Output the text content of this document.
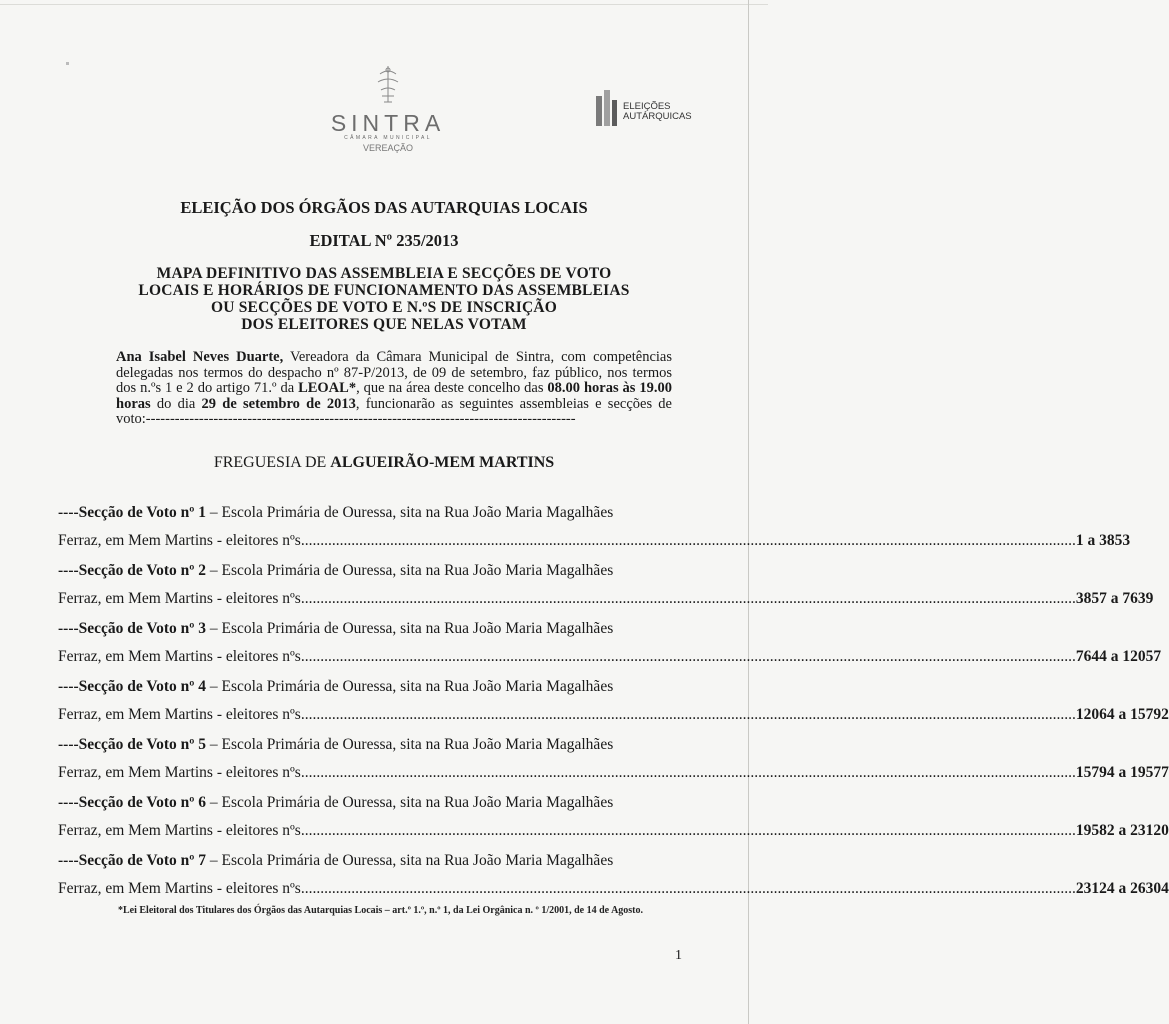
SINTRA
CÂMARA MUNICIPAL
VEREAÇÃO
ELEIÇÕES
AUTÁRQUICAS
ELEIÇÃO DOS ÓRGÃOS DAS AUTARQUIAS LOCAIS
EDITAL Nº 235/2013
MAPA DEFINITIVO DAS ASSEMBLEIA E SECÇÕES DE VOTO
LOCAIS E HORÁRIOS DE FUNCIONAMENTO DAS ASSEMBLEIAS
OU SECÇÕES DE VOTO E N.ºS DE INSCRIÇÃO
DOS ELEITORES QUE NELAS VOTAM
Ana Isabel Neves Duarte, Vereadora da Câmara Municipal de Sintra, com competências delegadas nos termos do despacho nº 87-P/2013, de 09 de setembro, faz público, nos termos dos n.ºs 1 e 2 do artigo 71.º da LEOAL*, que na área deste concelho das 08.00 horas às 19.00 horas do dia 29 de setembro de 2013, funcionarão as seguintes assembleias e secções de voto:-----------------------------------------------------------------------------------------
FREGUESIA DE ALGUEIRÃO-MEM MARTINS
----Secção de Voto nº 1 – Escola Primária de Ouressa, sita na Rua João Maria Magalhães
Ferraz, em Mem Martins - eleitores nºs ........................................................................................................................................................................................................ 1 a 3853
----Secção de Voto nº 2 – Escola Primária de Ouressa, sita na Rua João Maria Magalhães
Ferraz, em Mem Martins - eleitores nºs ........................................................................................................................................................................................................ 3857 a 7639
----Secção de Voto nº 3 – Escola Primária de Ouressa, sita na Rua João Maria Magalhães
Ferraz, em Mem Martins - eleitores nºs ........................................................................................................................................................................................................ 7644 a 12057
----Secção de Voto nº 4 – Escola Primária de Ouressa, sita na Rua João Maria Magalhães
Ferraz, em Mem Martins - eleitores nºs ........................................................................................................................................................................................................ 12064 a 15792
----Secção de Voto nº 5 – Escola Primária de Ouressa, sita na Rua João Maria Magalhães
Ferraz, em Mem Martins - eleitores nºs ........................................................................................................................................................................................................ 15794 a 19577
----Secção de Voto nº 6 – Escola Primária de Ouressa, sita na Rua João Maria Magalhães
Ferraz, em Mem Martins - eleitores nºs ........................................................................................................................................................................................................ 19582 a 23120
----Secção de Voto nº 7 – Escola Primária de Ouressa, sita na Rua João Maria Magalhães
Ferraz, em Mem Martins - eleitores nºs ........................................................................................................................................................................................................ 23124 a 26304
*Lei Eleitoral dos Titulares dos Órgãos das Autarquias Locais – art.º 1.º, n.º 1, da Lei Orgânica n. º 1/2001, de 14 de Agosto.
1
